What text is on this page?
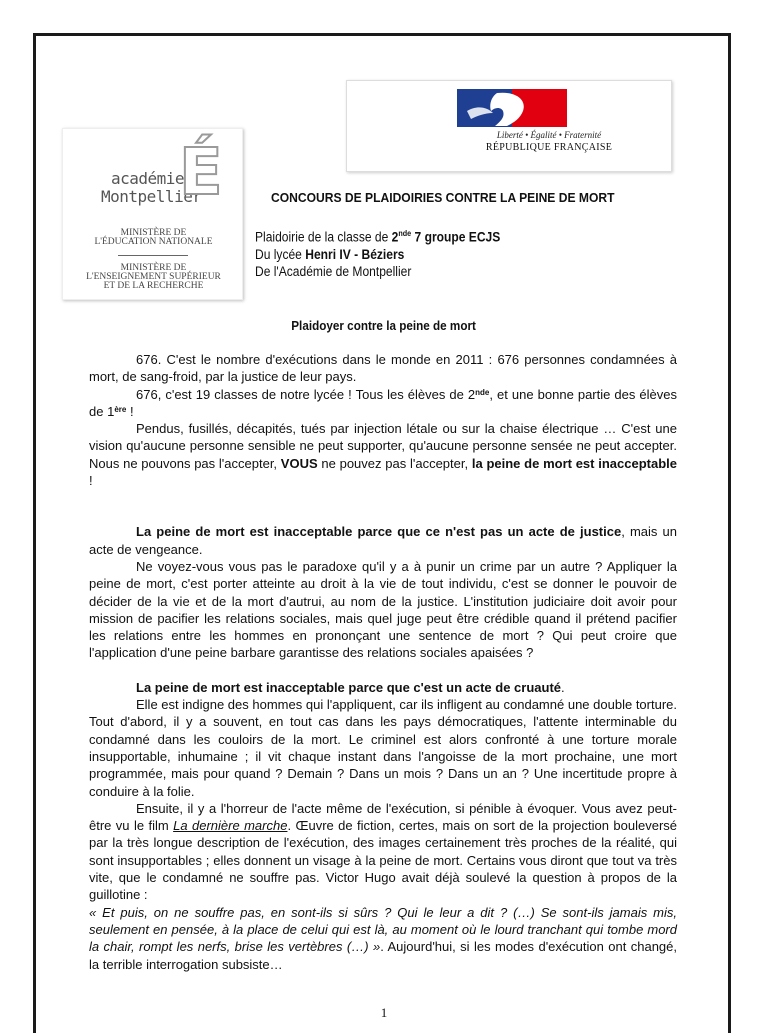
académie
Montpellier
É
MINISTÈRE DE
L'ÉDUCATION NATIONALE
MINISTÈRE DE
L'ENSEIGNEMENT SUPÉRIEUR
ET DE LA RECHERCHE
Liberté • Égalité • Fraternité
RÉPUBLIQUE FRANÇAISE
CONCOURS DE PLAIDOIRIES CONTRE LA PEINE DE MORT
Plaidoirie de la classe de 2nde 7 groupe ECJS
Du lycée Henri IV - Béziers
De l'Académie de Montpellier
Plaidoyer contre la peine de mort

676. C'est le nombre d'exécutions dans le monde en 2011 : 676 personnes condamnées à mort, de sang-froid, par la justice de leur pays.

676, c'est 19 classes de notre lycée ! Tous les élèves de 2nde, et une bonne partie des élèves de 1ère !

Pendus, fusillés, décapités, tués par injection létale ou sur la chaise électrique … C'est une vision qu'aucune personne sensible ne peut supporter, qu'aucune personne sensée ne peut accepter. Nous ne pouvons pas l'accepter, VOUS ne pouvez pas l'accepter, la peine de mort est inacceptable !

La peine de mort est inacceptable parce que ce n'est pas un acte de justice, mais un acte de vengeance.

Ne voyez-vous vous pas le paradoxe qu'il y a à punir un crime par un autre ? Appliquer la peine de mort, c'est porter atteinte au droit à la vie de tout individu, c'est se donner le pouvoir de décider de la vie et de la mort d'autrui, au nom de la justice. L'institution judiciaire doit avoir pour mission de pacifier les relations sociales, mais quel juge peut être crédible quand il prétend pacifier les relations entre les hommes en prononçant une sentence de mort ? Qui peut croire que l'application d'une peine barbare garantisse des relations sociales apaisées ?

La peine de mort est inacceptable parce que c'est un acte de cruauté.

Elle est indigne des hommes qui l'appliquent, car ils infligent au condamné une double torture. Tout d'abord, il y a souvent, en tout cas dans les pays démocratiques, l'attente interminable du condamné dans les couloirs de la mort. Le criminel est alors confronté à une torture morale insupportable, inhumaine ; il vit chaque instant dans l'angoisse de la mort prochaine, une mort programmée, mais pour quand ? Demain ? Dans un mois ? Dans un an ? Une incertitude propre à conduire à la folie.

Ensuite, il y a l'horreur de l'acte même de l'exécution, si pénible à évoquer. Vous avez peut-être vu le film La dernière marche. Œuvre de fiction, certes, mais on sort de la projection bouleversé par la très longue description de l'exécution, des images certainement très proches de la réalité, qui sont insupportables ; elles donnent un visage à la peine de mort. Certains vous diront que tout va très vite, que le condamné ne souffre pas. Victor Hugo avait déjà soulevé la question à propos de la guillotine :

« Et puis, on ne souffre pas, en sont-ils si sûrs ? Qui le leur a dit ? (…) Se sont-ils jamais mis, seulement en pensée, à la place de celui qui est là, au moment où le lourd tranchant qui tombe mord la chair, rompt les nerfs, brise les vertèbres (…) ». Aujourd'hui, si les modes d'exécution ont changé, la terrible interrogation subsiste…

1
